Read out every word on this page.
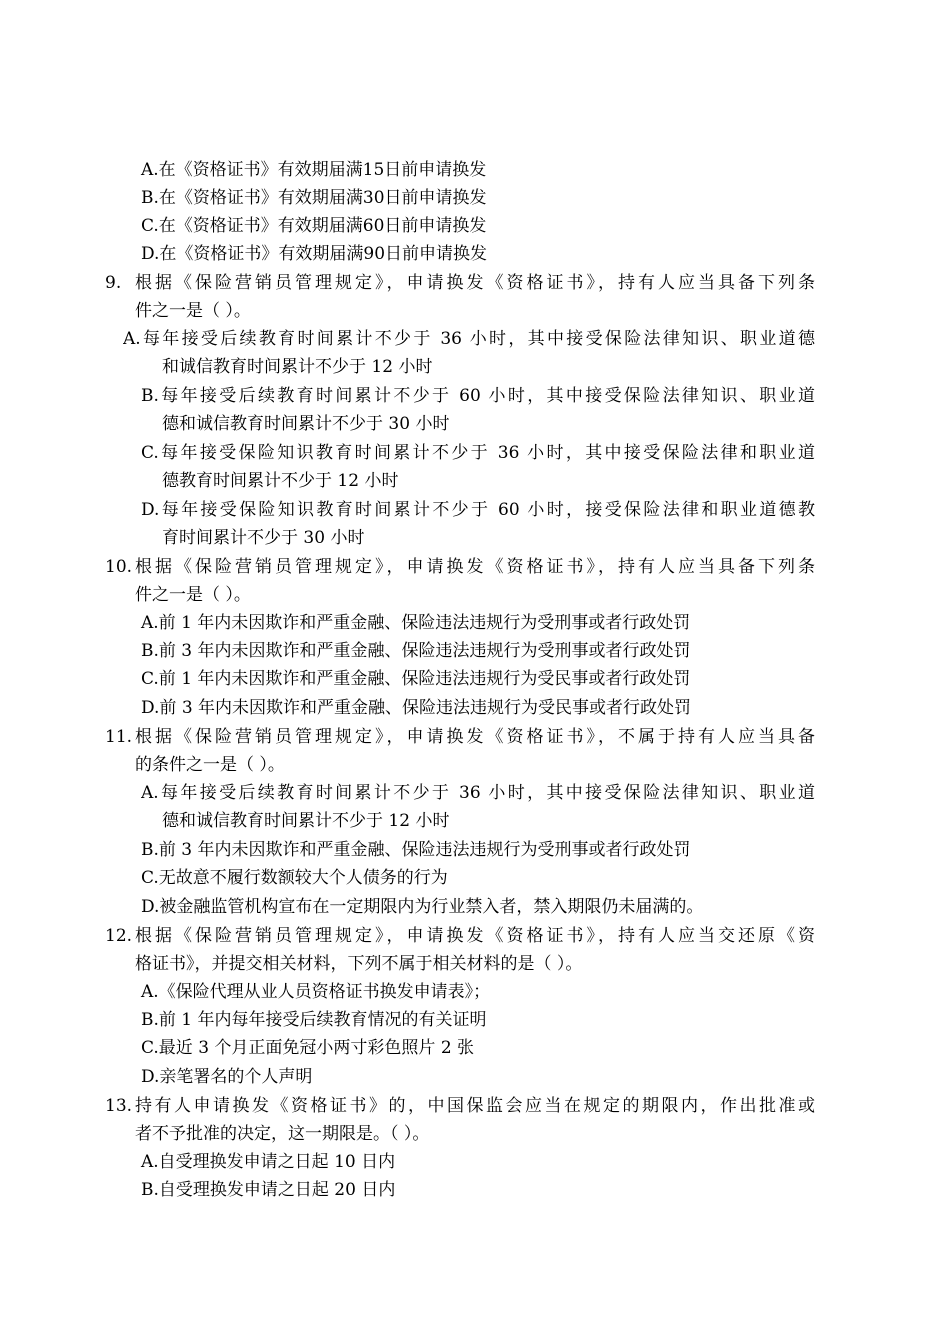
A.在《资格证书》有效期届满15日前申请换发
B.在《资格证书》有效期届满30日前申请换发
C.在《资格证书》有效期届满60日前申请换发
D.在《资格证书》有效期届满90日前申请换发
9. 根据《保险营销员管理规定》，申请换发《资格证书》，持有人应当具备下列条
件之一是（ ）。
A.每年接受后续教育时间累计不少于 36 小时，其中接受保险法律知识、职业道德
和诚信教育时间累计不少于 12 小时
B.每年接受后续教育时间累计不少于 60 小时，其中接受保险法律知识、职业道
德和诚信教育时间累计不少于 30 小时
C.每年接受保险知识教育时间累计不少于 36 小时，其中接受保险法律和职业道
德教育时间累计不少于 12 小时
D.每年接受保险知识教育时间累计不少于 60 小时，接受保险法律和职业道德教
育时间累计不少于 30 小时
10. 根据《保险营销员管理规定》，申请换发《资格证书》，持有人应当具备下列条
件之一是（ ）。
A.前 1 年内未因欺诈和严重金融、保险违法违规行为受刑事或者行政处罚
B.前 3 年内未因欺诈和严重金融、保险违法违规行为受刑事或者行政处罚
C.前 1 年内未因欺诈和严重金融、保险违法违规行为受民事或者行政处罚
D.前 3 年内未因欺诈和严重金融、保险违法违规行为受民事或者行政处罚
11. 根据《保险营销员管理规定》，申请换发《资格证书》，不属于持有人应当具备
的条件之一是（ ）。
A.每年接受后续教育时间累计不少于 36 小时，其中接受保险法律知识、职业道
德和诚信教育时间累计不少于 12 小时
B.前 3 年内未因欺诈和严重金融、保险违法违规行为受刑事或者行政处罚
C.无故意不履行数额较大个人债务的行为
D.被金融监管机构宣布在一定期限内为行业禁入者，禁入期限仍未届满的。
12. 根据《保险营销员管理规定》，申请换发《资格证书》，持有人应当交还原《资
格证书》，并提交相关材料，下列不属于相关材料的是（ ）。
A.《保险代理从业人员资格证书换发申请表》；
B.前 1 年内每年接受后续教育情况的有关证明
C.最近 3 个月正面免冠小两寸彩色照片 2 张
D.亲笔署名的个人声明
13. 持有人申请换发《资格证书》的，中国保监会应当在规定的期限内，作出批准或
者不予批准的决定，这一期限是。（ ）。
A.自受理换发申请之日起 10 日内
B.自受理换发申请之日起 20 日内
